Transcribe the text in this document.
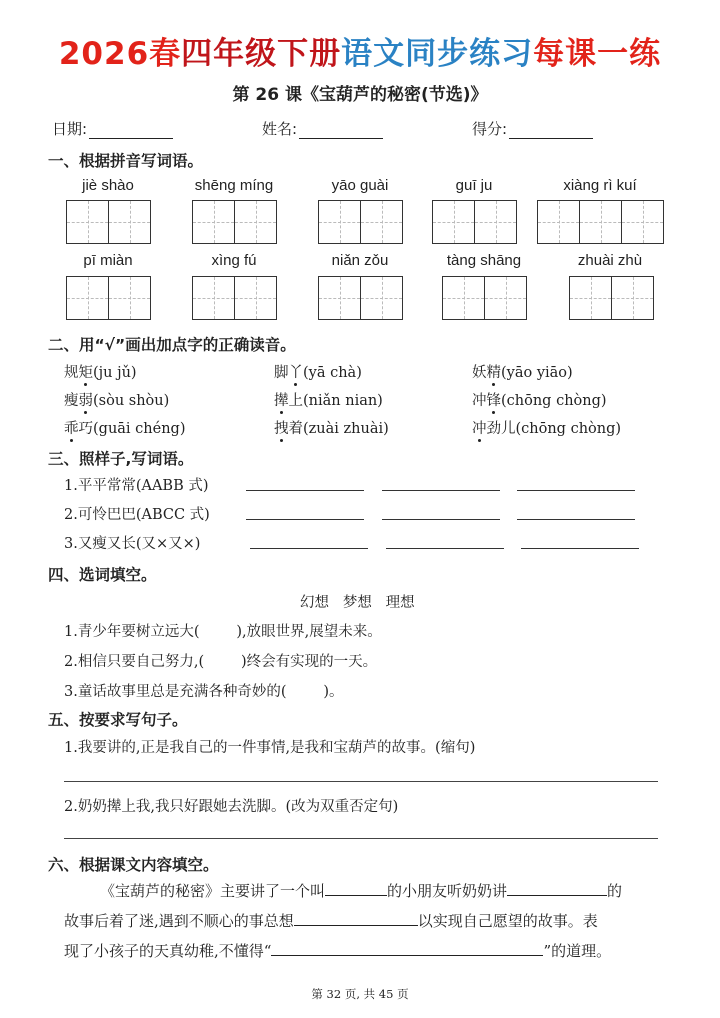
2026春四年级下册语文同步练习每课一练
第 26 课《宝葫芦的秘密(节选)》
日期:	姓名:	得分:
一、根据拼音写词语。
jiè shào	shēng míng	yāo guài	guī ju	xiàng rì kuí
pī miàn	xìng fú	niǎn zǒu	tàng shāng	zhuài zhù
二、用“√”画出加点字的正确读音。
规矩(ju jǔ)	脚丫(yā chà)	妖精(yāo yiāo)
瘦弱(sòu shòu)	撵上(niǎn nian)	冲锋(chōng chòng)
乖巧(guāi chéng)	拽着(zuài zhuài)	冲劲儿(chōng chòng)
三、照样子,写词语。
1.平平常常(AABB 式)
2.可怜巴巴(ABCC 式)
3.又瘦又长(又×又×)
四、选词填空。
幻想   梦想   理想
1.青少年要树立远大(        ),放眼世界,展望未来。
2.相信只要自己努力,(        )终会有实现的一天。
3.童话故事里总是充满各种奇妙的(        )。
五、按要求写句子。
1.我要讲的,正是我自己的一件事情,是我和宝葫芦的故事。(缩句)
2.奶奶撵上我,我只好跟她去洗脚。(改为双重否定句)
六、根据课文内容填空。
《宝葫芦的秘密》主要讲了一个叫	的小朋友听奶奶讲	的
故事后着了迷,遇到不顺心的事总想	以实现自己愿望的故事。表
现了小孩子的天真幼稚,不懂得“	”的道理。
第 32 页, 共 45 页
